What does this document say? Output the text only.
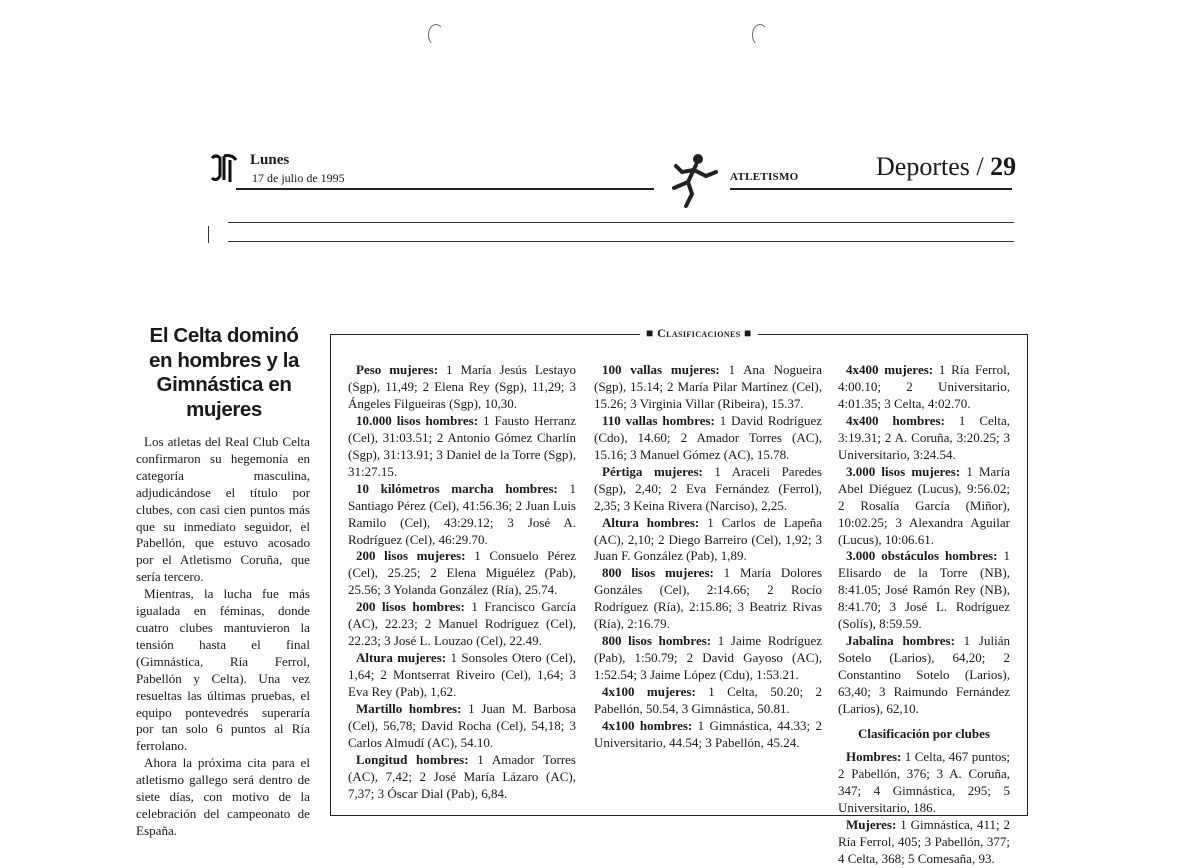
Lunes
17 de julio de 1995	ATLETISMO	Deportes / 29
El Celta dominó en hombres y la Gimnástica en mujeres

Los atletas del Real Club Celta confirmaron su hegemonía en categoría masculina, adjudicándose el título por clubes, con casi cien puntos más que su inmediato seguidor, el Pabellón, que estuvo acosado por el Atletismo Coruña, que sería tercero.

Mientras, la lucha fue más igualada en féminas, donde cuatro clubes mantuvieron la tensión hasta el final (Gimnástica, Ría Ferrol, Pabellón y Celta). Una vez resueltas las últimas pruebas, el equipo pontevedrés superaría por tan solo 6 puntos al Ría ferrolano.

Ahora la próxima cita para el atletismo gallego será dentro de siete días, con motivo de la celebración del campeonato de España.

■ Clasificaciones ■

Peso mujeres: 1 María Jesús Lestayo (Sgp), 11,49; 2 Elena Rey (Sgp), 11,29; 3 Ángeles Filgueiras (Sgp), 10,30.

10.000 lisos hombres: 1 Fausto Herranz (Cel), 31:03.51; 2 Antonio Gómez Charlín (Sgp), 31:13.91; 3 Daniel de la Torre (Sgp), 31:27.15.

10 kilómetros marcha hombres: 1 Santiago Pérez (Cel), 41:56.36; 2 Juan Luis Ramilo (Cel), 43:29.12; 3 José A. Rodríguez (Cel), 46:29.70.

200 lisos mujeres: 1 Consuelo Pérez (Cel), 25.25; 2 Elena Miguélez (Pab), 25.56; 3 Yolanda González (Ría), 25.74.

200 lisos hombres: 1 Francisco García (AC), 22.23; 2 Manuel Rodríguez (Cel), 22.23; 3 José L. Louzao (Cel), 22.49.

Altura mujeres: 1 Sonsoles Otero (Cel), 1,64; 2 Montserrat Riveiro (Cel), 1,64; 3 Eva Rey (Pab), 1,62.

Martillo hombres: 1 Juan M. Barbosa (Cel), 56,78; David Rocha (Cel), 54,18; 3 Carlos Almudí (AC), 54.10.

Longitud hombres: 1 Amador Torres (AC), 7,42; 2 José María Lázaro (AC), 7,37; 3 Óscar Dial (Pab), 6,84.

100 vallas mujeres: 1 Ana Nogueira (Sgp), 15.14; 2 María Pilar Martínez (Cel), 15.26; 3 Virginia Villar (Ribeira), 15.37.

110 vallas hombres: 1 David Rodríguez (Cdo), 14.60; 2 Amador Torres (AC), 15.16; 3 Manuel Gómez (AC), 15.78.

Pértiga mujeres: 1 Araceli Paredes (Sgp), 2,40; 2 Eva Fernández (Ferrol), 2,35; 3 Keina Rivera (Narciso), 2,25.

Altura hombres: 1 Carlos de Lapeña (AC), 2,10; 2 Diego Barreiro (Cel), 1,92; 3 Juan F. González (Pab), 1,89.

800 lisos mujeres: 1 María Dolores Gonzáles (Cel), 2:14.66; 2 Rocío Rodríguez (Ría), 2:15.86; 3 Beatriz Rivas (Ría), 2:16.79.

800 lisos hombres: 1 Jaime Rodríguez (Pab), 1:50.79; 2 David Gayoso (AC), 1:52.54; 3 Jaime López (Cdu), 1:53.21.

4x100 mujeres: 1 Celta, 50.20; 2 Pabellón, 50.54, 3 Gimnástica, 50.81.

4x100 hombres: 1 Gimnástica, 44.33; 2 Universitario, 44.54; 3 Pabellón, 45.24.

4x400 mujeres: 1 Ría Ferrol, 4:00.10; 2 Universitario, 4:01.35; 3 Celta, 4:02.70.

4x400 hombres: 1 Celta, 3:19.31; 2 A. Coruña, 3:20.25; 3 Universitario, 3:24.54.

3.000 lisos mujeres: 1 María Abel Diéguez (Lucus), 9:56.02; 2 Rosalía García (Miñor), 10:02.25; 3 Alexandra Aguilar (Lucus), 10:06.61.

3.000 obstáculos hombres: 1 Elisardo de la Torre (NB), 8:41.05; José Ramón Rey (NB), 8:41.70; 3 José L. Rodríguez (Solís), 8:59.59.

Jabalina hombres: 1 Julián Sotelo (Larios), 64,20; 2 Constantino Sotelo (Larios), 63,40; 3 Raimundo Fernández (Larios), 62,10.

Clasificación por clubes

Hombres: 1 Celta, 467 puntos; 2 Pabellón, 376; 3 A. Coruña, 347; 4 Gimnástica, 295; 5 Universitario, 186.

Mujeres: 1 Gimnástica, 411; 2 Ría Ferrol, 405; 3 Pabellón, 377; 4 Celta, 368; 5 Comesaña, 93.
